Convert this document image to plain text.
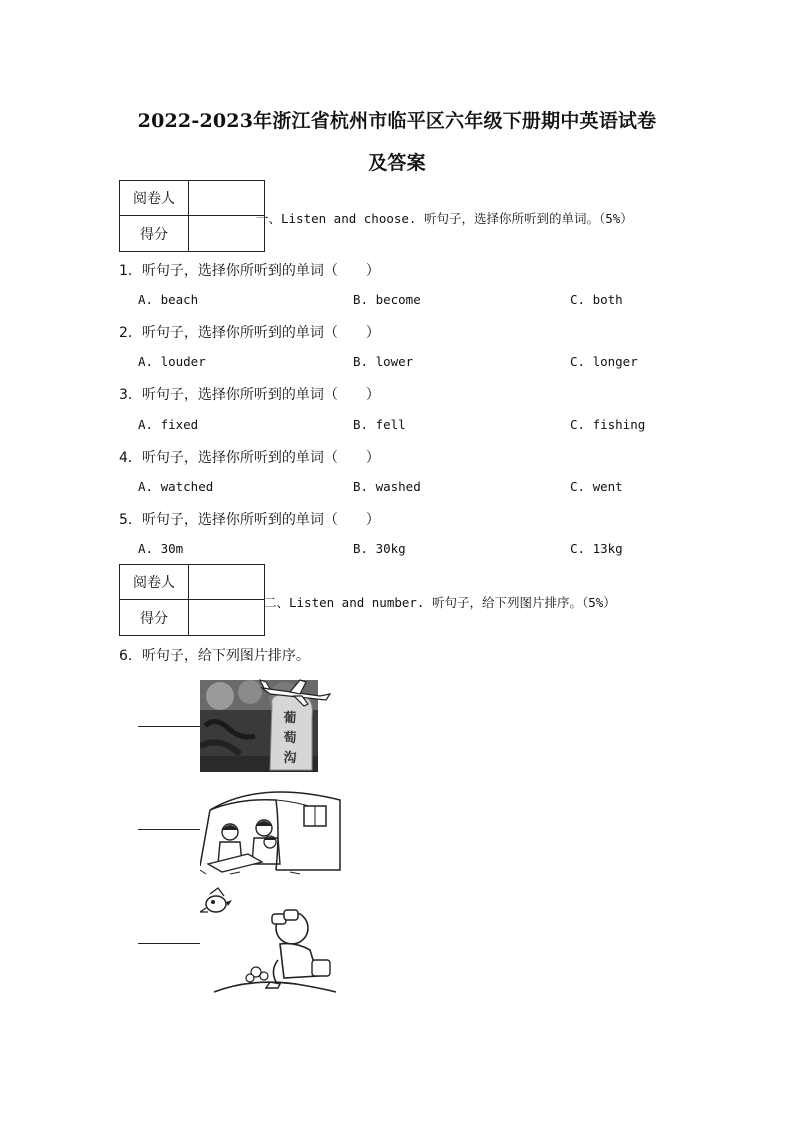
2022-2023年浙江省杭州市临平区六年级下册期中英语试卷
及答案
阅卷人
得分
一、Listen and choose. 听句子，选择你所听到的单词。（5%）
1．听句子，选择你所听到的单词（　　）
A. beach	B. become	C. both
2．听句子，选择你所听到的单词（　　）
A. louder	B. lower	C. longer
3．听句子，选择你所听到的单词（　　）
A. fixed	B. fell	C. fishing
4．听句子，选择你所听到的单词（　　）
A. watched	B. washed	C. went
5．听句子，选择你所听到的单词（　　）
A. 30m	B. 30kg	C. 13kg
阅卷人
得分
二、Listen and number. 听句子，给下列图片排序。（5%）
6．听句子，给下列图片排序。
葡
萄
沟
